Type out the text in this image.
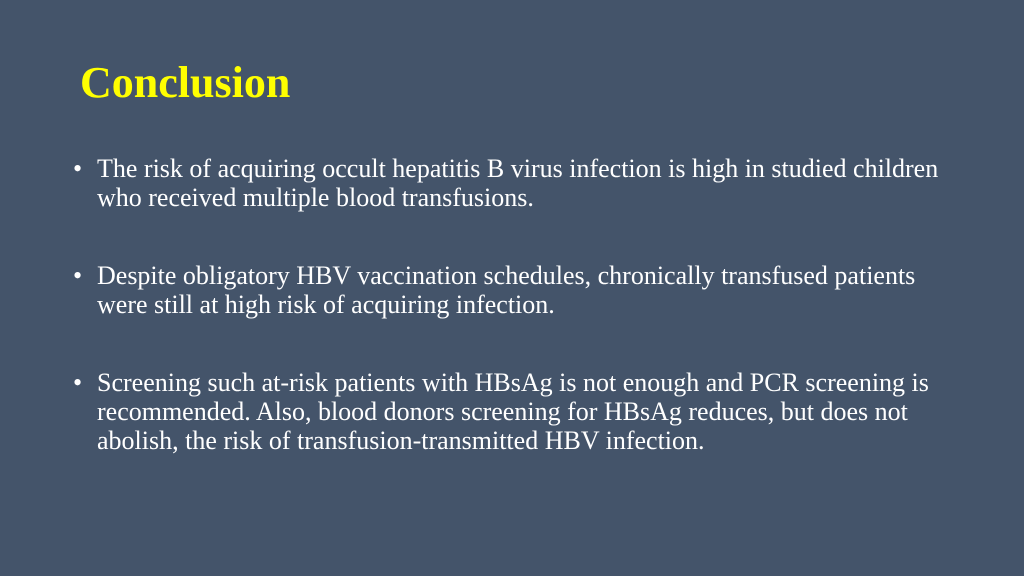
Conclusion
• The risk of acquiring occult hepatitis B virus infection is high in studied children who received multiple blood transfusions.
• Despite obligatory HBV vaccination schedules, chronically transfused patients were still at high risk of acquiring infection.
• Screening such at-risk patients with HBsAg is not enough and PCR screening is recommended. Also, blood donors screening for HBsAg reduces, but does not abolish, the risk of transfusion-transmitted HBV infection.
